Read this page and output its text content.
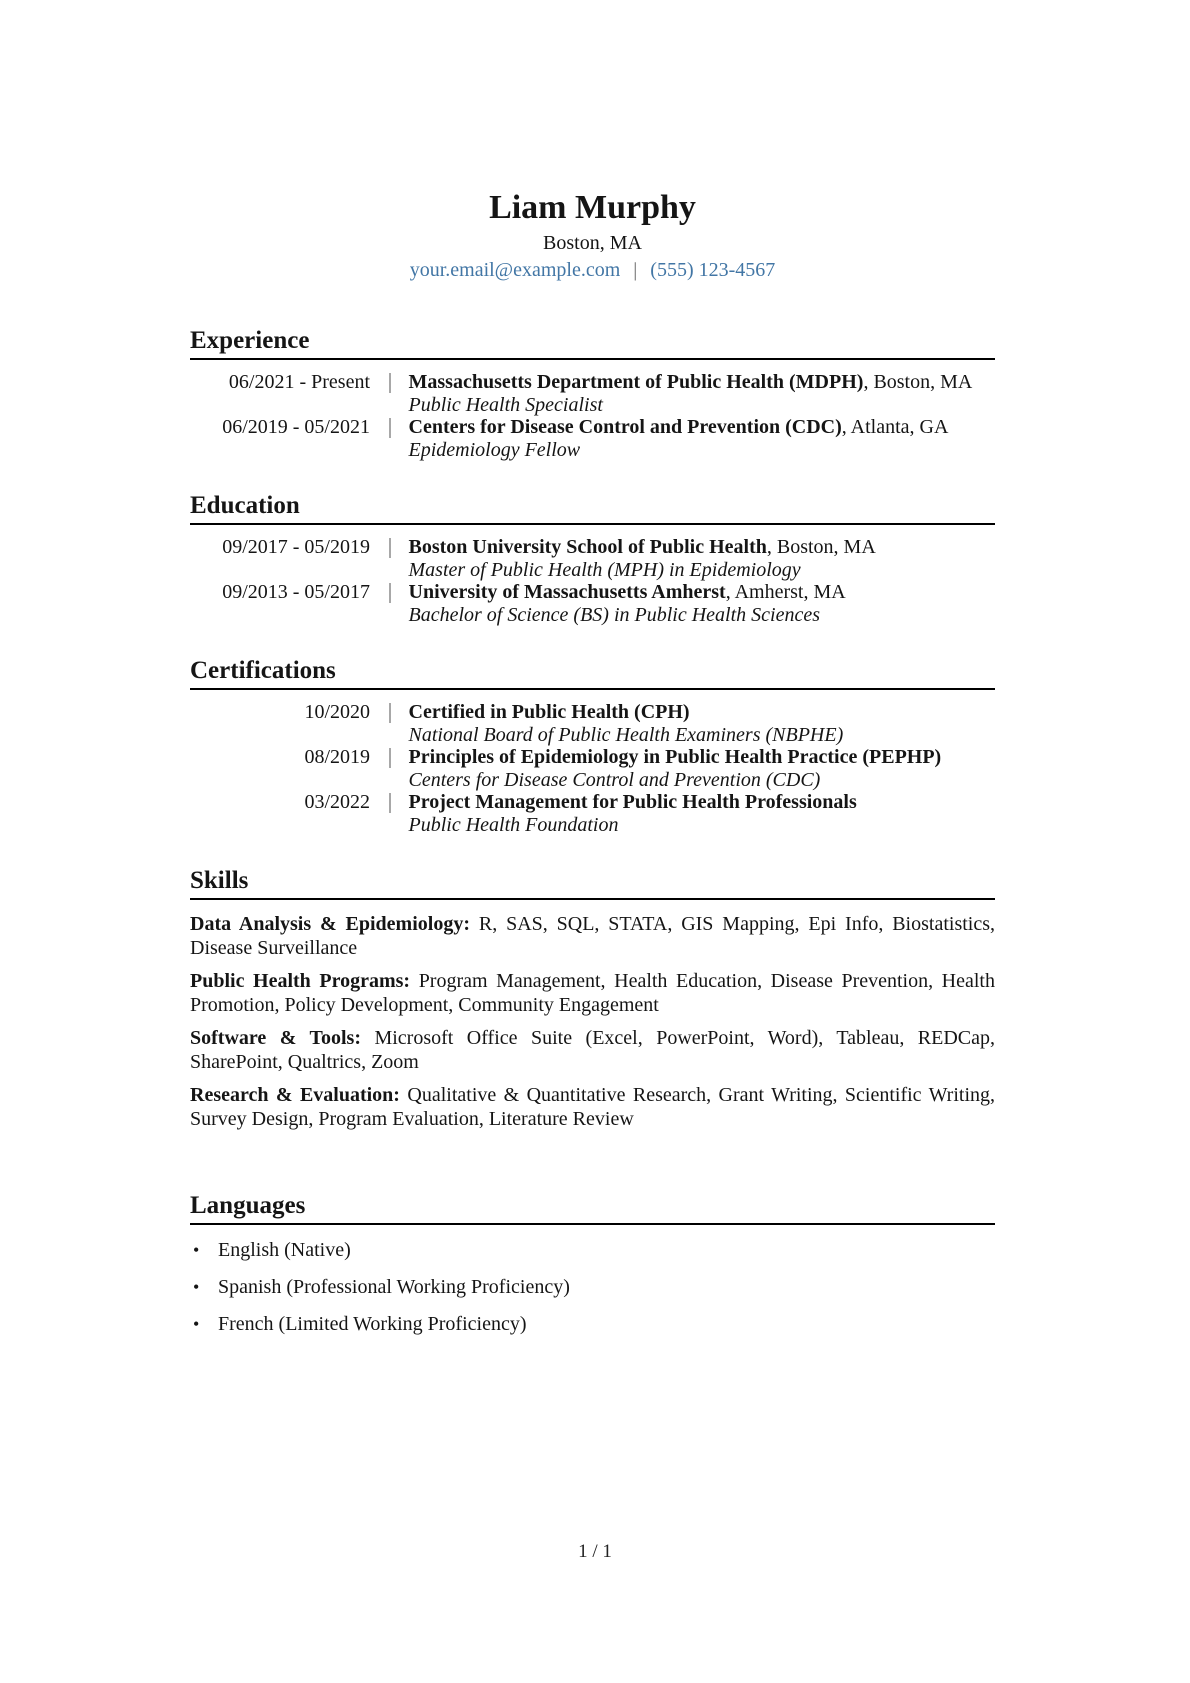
Liam Murphy
Boston, MA
your.email@example.com | (555) 123-4567
Experience
06/2021 - Present Massachusetts Department of Public Health (MDPH), Boston, MA
Public Health Specialist
06/2019 - 05/2021 Centers for Disease Control and Prevention (CDC), Atlanta, GA
Epidemiology Fellow
Education
09/2017 - 05/2019 Boston University School of Public Health, Boston, MA
Master of Public Health (MPH) in Epidemiology
09/2013 - 05/2017 University of Massachusetts Amherst, Amherst, MA
Bachelor of Science (BS) in Public Health Sciences
Certifications
10/2020 Certified in Public Health (CPH)
National Board of Public Health Examiners (NBPHE)
08/2019 Principles of Epidemiology in Public Health Practice (PEPHP)
Centers for Disease Control and Prevention (CDC)
03/2022 Project Management for Public Health Professionals
Public Health Foundation
Skills

Data Analysis & Epidemiology: R, SAS, SQL, STATA, GIS Mapping, Epi Info, Biostatistics, Disease Surveillance

Public Health Programs: Program Management, Health Education, Disease Prevention, Health Promotion, Policy Development, Community Engagement

Software & Tools: Microsoft Office Suite (Excel, PowerPoint, Word), Tableau, REDCap, SharePoint, Qualtrics, Zoom

Research & Evaluation: Qualitative & Quantitative Research, Grant Writing, Scientific Writing, Survey Design, Program Evaluation, Literature Review

Languages
• English (Native)
• Spanish (Professional Working Proficiency)
• French (Limited Working Proficiency)
1 / 1
